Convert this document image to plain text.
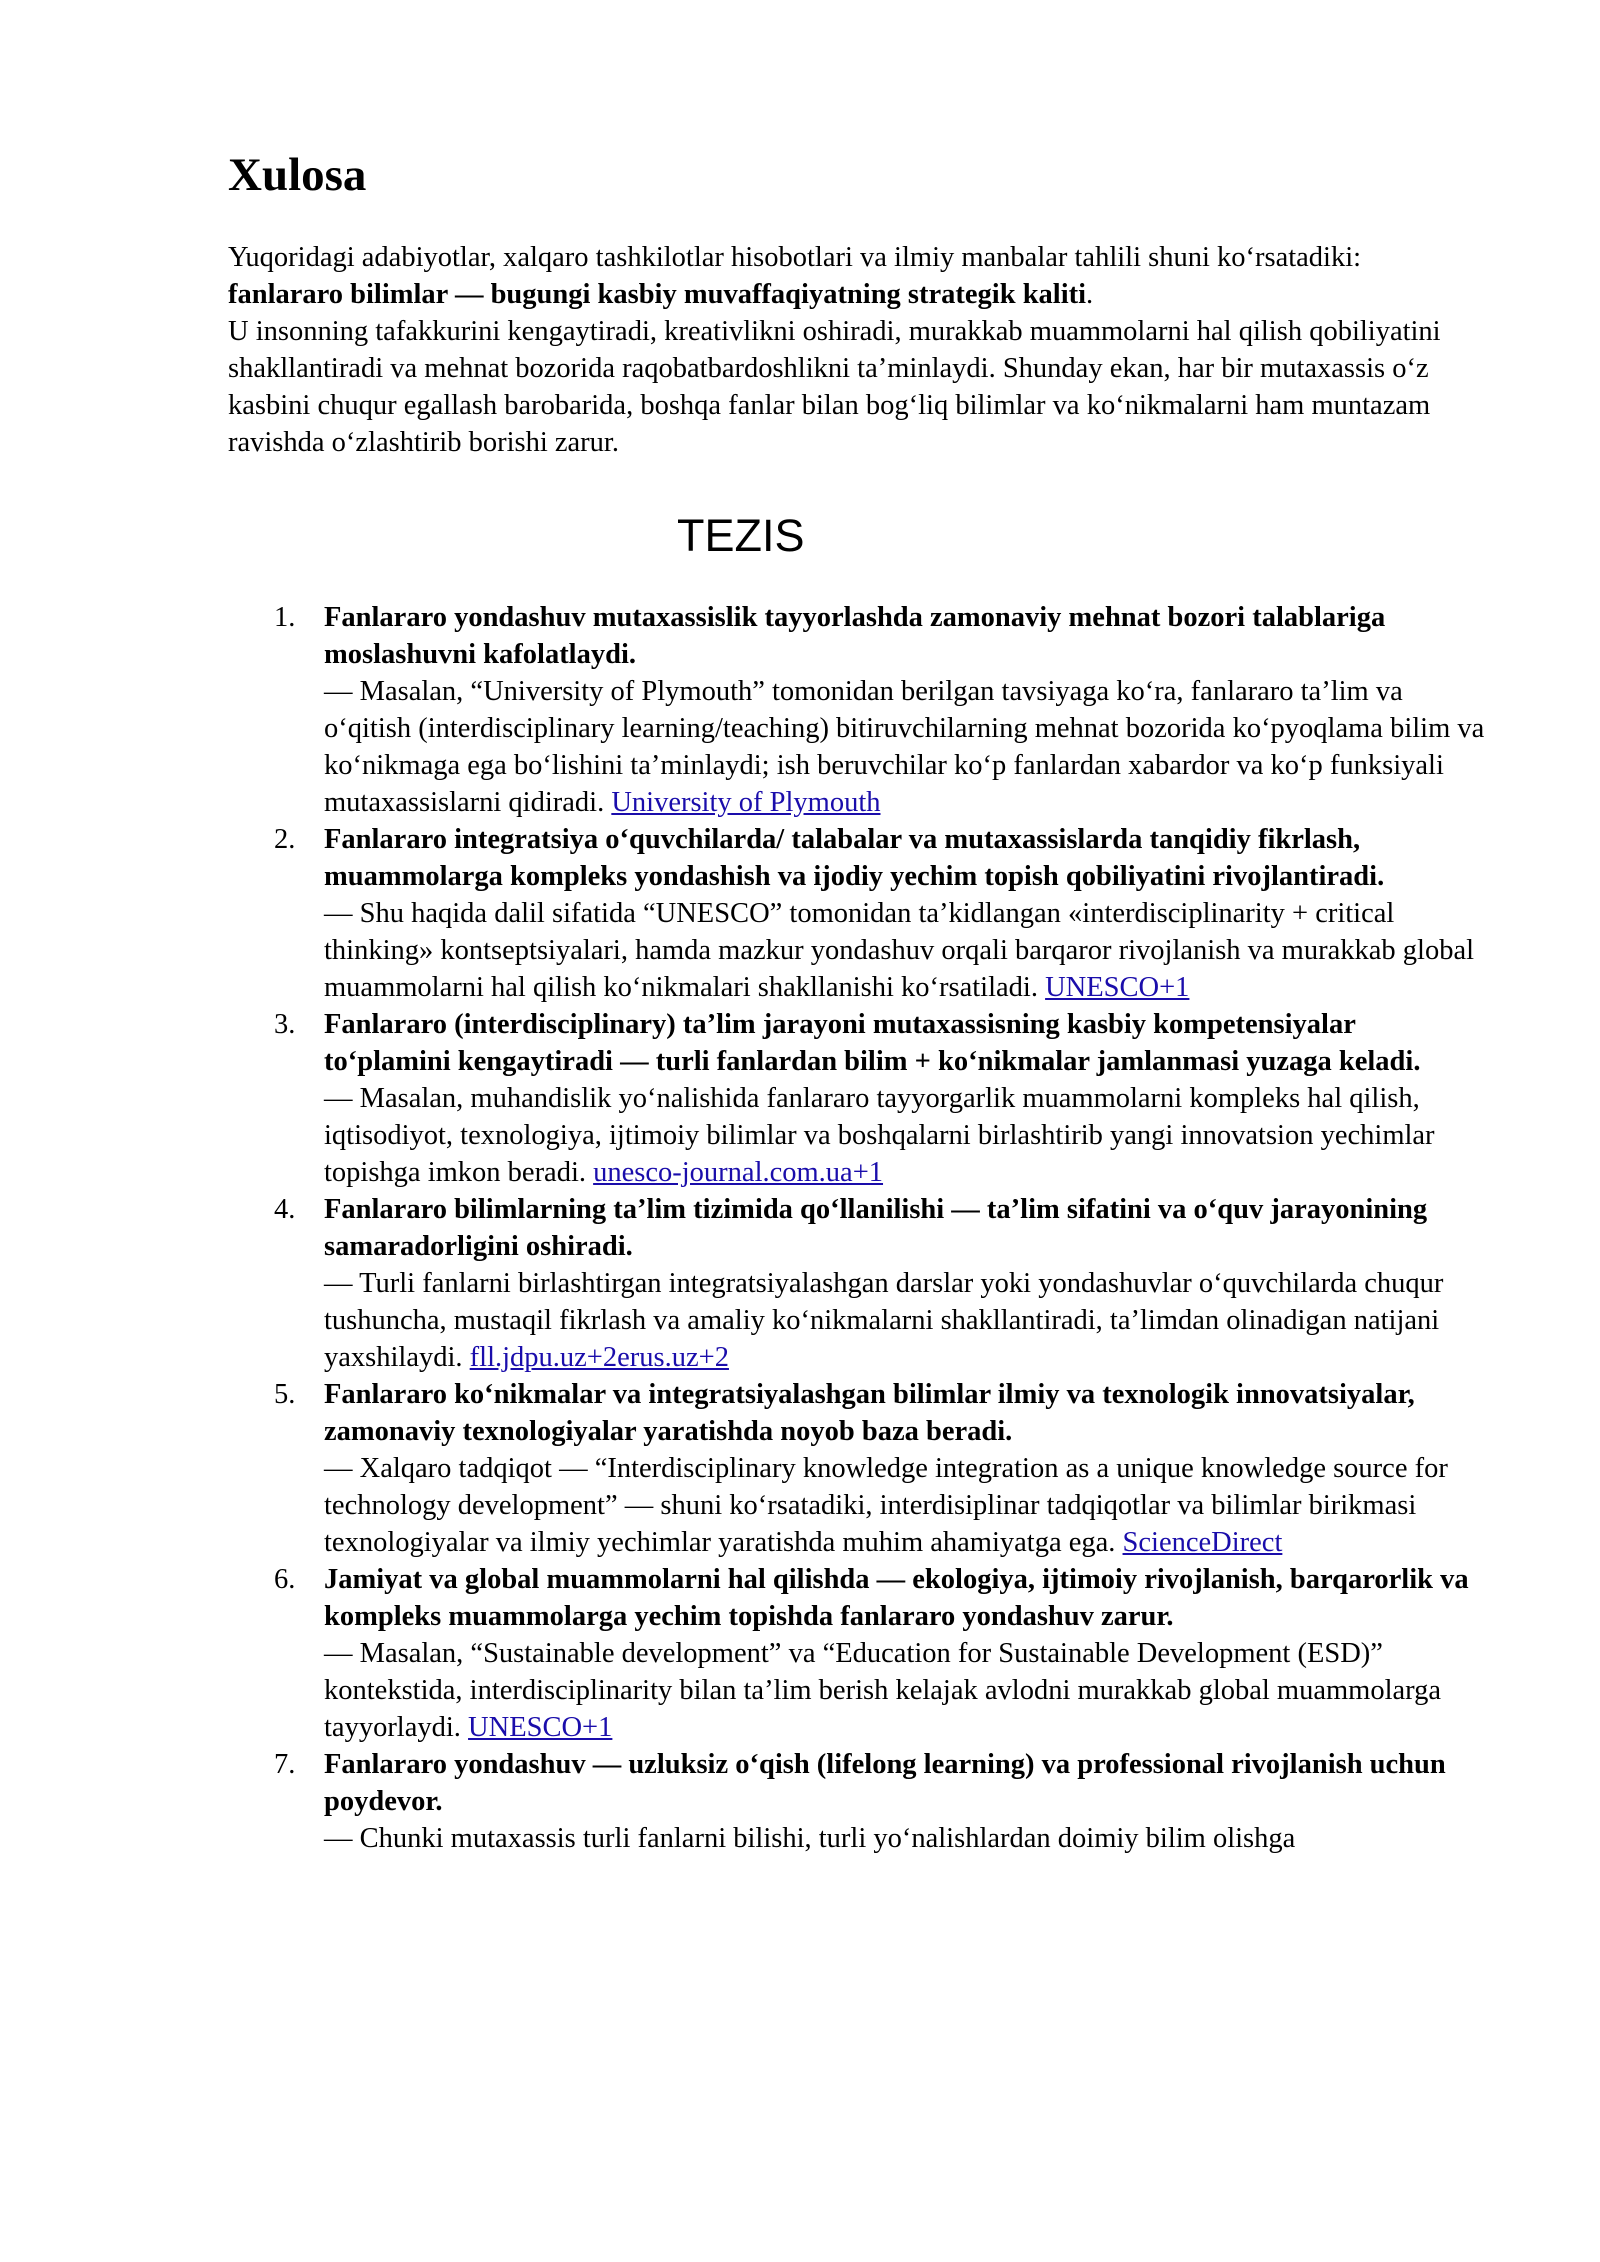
Xulosa

Yuqoridagi adabiyotlar, xalqaro tashkilotlar hisobotlari va ilmiy manbalar tahlili shuni ko‘rsatadiki:
fanlararo bilimlar — bugungi kasbiy muvaffaqiyatning strategik kaliti.
U insonning tafakkurini kengaytiradi, kreativlikni oshiradi, murakkab muammolarni hal qilish qobiliyatini shakllantiradi va mehnat bozorida raqobatbardoshlikni ta’minlaydi. Shunday ekan, har bir mutaxassis o‘z kasbini chuqur egallash barobarida, boshqa fanlar bilan bog‘liq bilimlar va ko‘nikmalarni ham muntazam ravishda o‘zlashtirib borishi zarur.

TEZIS
1. Fanlararo yondashuv mutaxassislik tayyorlashda zamonaviy mehnat bozori talablariga moslashuvni kafolatlaydi.
— Masalan, “University of Plymouth” tomonidan berilgan tavsiyaga ko‘ra, fanlararo ta’lim va o‘qitish (interdisciplinary learning/teaching) bitiruvchilarning mehnat bozorida ko‘pyoqlama bilim va ko‘nikmaga ega bo‘lishini ta’minlaydi; ish beruvchilar ko‘p fanlardan xabardor va ko‘p funksiyali mutaxassislarni qidiradi. University of Plymouth
2. Fanlararo integratsiya o‘quvchilarda/ talabalar va mutaxassislarda tanqidiy fikrlash, muammolarga kompleks yondashish va ijodiy yechim topish qobiliyatini rivojlantiradi.
— Shu haqida dalil sifatida “UNESCO” tomonidan ta’kidlangan «interdisciplinarity + critical thinking» kontseptsiyalari, hamda mazkur yondashuv orqali barqaror rivojlanish va murakkab global muammolarni hal qilish ko‘nikmalari shakllanishi ko‘rsatiladi. UNESCO+1
3. Fanlararo (interdisciplinary) ta’lim jarayoni mutaxassisning kasbiy kompetensiyalar to‘plamini kengaytiradi — turli fanlardan bilim + ko‘nikmalar jamlanmasi yuzaga keladi.
— Masalan, muhandislik yo‘nalishida fanlararo tayyorgarlik muammolarni kompleks hal qilish, iqtisodiyot, texnologiya, ijtimoiy bilimlar va boshqalarni birlashtirib yangi innovatsion yechimlar topishga imkon beradi. unesco-journal.com.ua+1
4. Fanlararo bilimlarning ta’lim tizimida qo‘llanilishi — ta’lim sifatini va o‘quv jarayonining samaradorligini oshiradi.
— Turli fanlarni birlashtirgan integratsiyalashgan darslar yoki yondashuvlar o‘quvchilarda chuqur tushuncha, mustaqil fikrlash va amaliy ko‘nikmalarni shakllantiradi, ta’limdan olinadigan natijani yaxshilaydi. fll.jdpu.uz+2erus.uz+2
5. Fanlararo ko‘nikmalar va integratsiyalashgan bilimlar ilmiy va texnologik innovatsiyalar, zamonaviy texnologiyalar yaratishda noyob baza beradi.
— Xalqaro tadqiqot — “Interdisciplinary knowledge integration as a unique knowledge source for technology development” — shuni ko‘rsatadiki, interdisiplinar tadqiqotlar va bilimlar birikmasi texnologiyalar va ilmiy yechimlar yaratishda muhim ahamiyatga ega. ScienceDirect
6. Jamiyat va global muammolarni hal qilishda — ekologiya, ijtimoiy rivojlanish, barqarorlik va kompleks muammolarga yechim topishda fanlararo yondashuv zarur.
— Masalan, “Sustainable development” va “Education for Sustainable Development (ESD)” kontekstida, interdisciplinarity bilan ta’lim berish kelajak avlodni murakkab global muammolarga tayyorlaydi. UNESCO+1
7. Fanlararo yondashuv — uzluksiz o‘qish (lifelong learning) va professional rivojlanish uchun poydevor.
— Chunki mutaxassis turli fanlarni bilishi, turli yo‘nalishlardan doimiy bilim olishga
